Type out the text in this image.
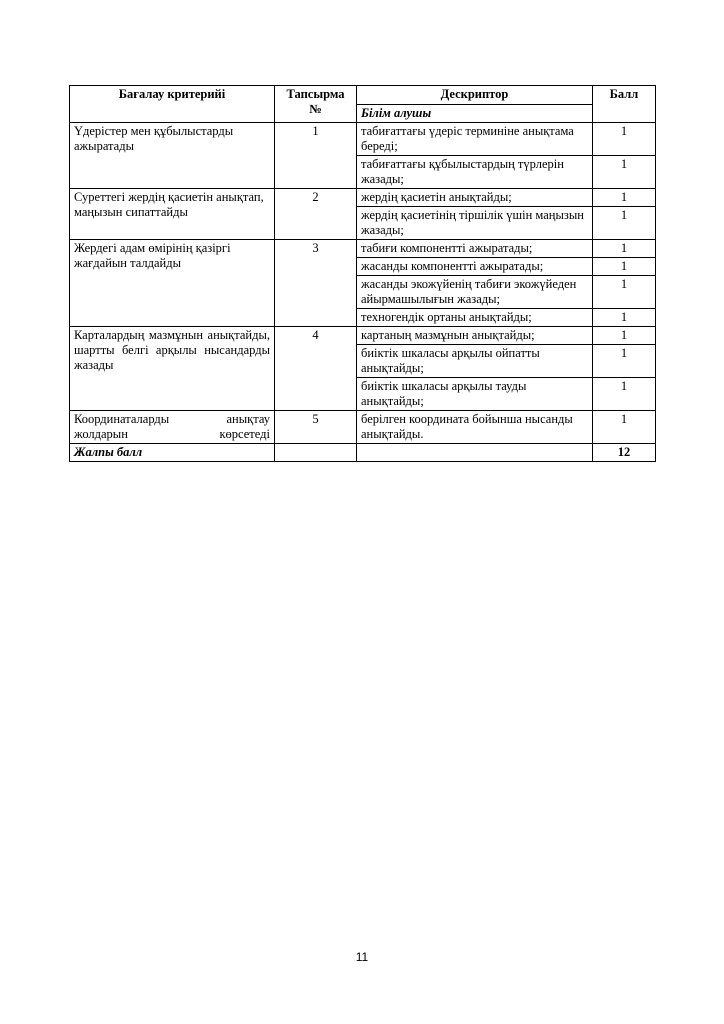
Бағалау критерийі	Тапсырма №	Дескриптор	Балл
		Білім алушы	
Үдерістер мен құбылыстарды ажыратады	1	табиғаттағы үдеріс терминіне анықтама береді;	1
		табиғаттағы құбылыстардың түрлерін жазады;	1
Суреттегі жердің қасиетін анықтап, маңызын сипаттайды	2	жердің қасиетін анықтайды;	1
		жердің қасиетінің тіршілік үшін маңызын жазады;	1
Жердегі адам өмірінің қазіргі жағдайын талдайды	3	табиғи компонентті ажыратады;	1
		жасанды компонентті ажыратады;	1
		жасанды экожүйенің табиғи экожүйеден айырмашылығын жазады;	1
		техногендік ортаны анықтайды;	1
Карталардың мазмұнын анықтайды, шартты белгі арқылы нысандарды жазады	4	картаның мазмұнын анықтайды;	1
		биіктік шкаласы арқылы ойпатты анықтайды;	1
		биіктік шкаласы арқылы тауды анықтайды;	1
Координаталарды анықтау жолдарын көрсетеді	5	берілген координата бойынша нысанды анықтайды.	1
Жалпы балл			12
11
